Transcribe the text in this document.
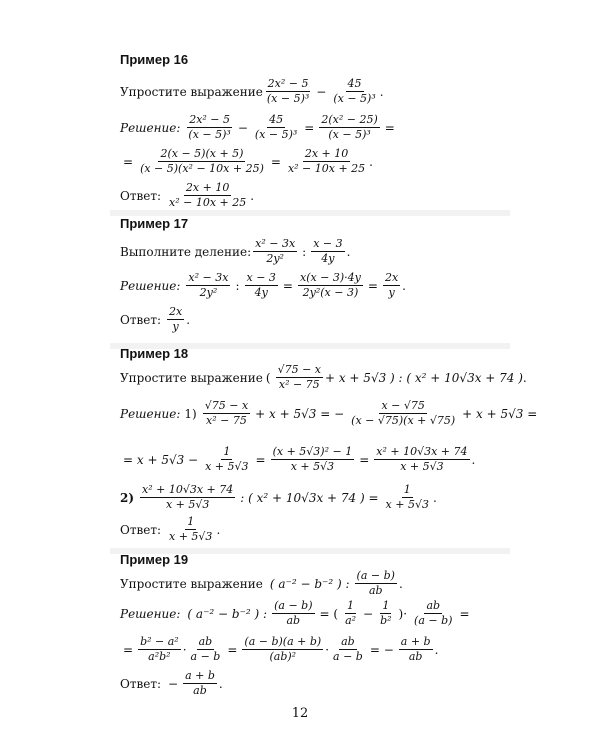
Пример 16
Упростите выражение $\frac{\text{2x² − 5}}{\text{(x − 5)³}} - \frac{45}{\text{(x − 5)³}}$ .
Решение: $\frac{\text{2x² − 5}}{\text{(x − 5)³}} - \frac{45}{\text{(x − 5)³}} = \frac{\text{2(x² − 25)}}{\text{(x − 5)³}}$ =
= $\frac{2(x - 5)(x + 5)}{\text{(x − 5)(x² − 10x + 25)}} = \frac{2x + 10}{\text{x² − 10x + 25}}$ .
Ответ: $\frac{2x + 10}{\text{x² − 10x + 25}}$ .
Пример 17
Выполните деление: $\frac{\text{x² − 3x}}{\text{2y²}}$ : $\frac{x - 3}{4y}$ .
Решение: $\frac{\text{x² − 3x}}{\text{2y²}}$ : $\frac{x - 3}{4y} = \frac{x(x - 3)\cdot 4y}{\text{2y²(x − 3)}} = \frac{2x}{y}$ .
Ответ: $\frac{2x}{y}$ .
Пример 18
Упростите выражение ( $\frac{√75 - x}{\text{x² − 75}} + x + 5√3$ ) : ( x² + 10√3x + 74 ) .
Решение: $1) \frac{√75 - x}{\text{x² − 75}} + x + 5√3$ = − $\frac{x - √75}{(x - √75)(x + √75)} + x + 5√3$ =
= $x + 5√3 - \frac{1}{x + 5√3} = \frac{\text{(x + 5√3)² − 1}}{x + 5√3} = \frac{\text{x² + 10√3x + 74}}{x + 5√3}$ .
$2) \frac{\text{x² + 10√3x + 74}}{x + 5√3}$ : ( x² + 10√3x + 74 ) = $\frac{1}{x + 5√3}$ .
Ответ: $\frac{1}{x + 5√3}$ .
Пример 19
Упростите выражение ( a⁻² − b⁻² ) : $\frac{(a - b)}{ab}$ .
Решение: ( a⁻² − b⁻² ) : $\frac{(a - b)}{ab}$ = ( $\frac{1}{\text{a²}} - \frac{1}{\text{b²}}$ )· $\frac{ab}{(a - b)}$ =
= $\frac{\text{b² − a²}}{\text{a²b²}} \cdot \frac{ab}{a - b} = \frac{(a - b)(a + b)}{\text{(ab)²}} \cdot \frac{ab}{a - b}$ = − $\frac{a + b}{ab}$ .
Ответ: − $\frac{a + b}{ab}$ .
12
